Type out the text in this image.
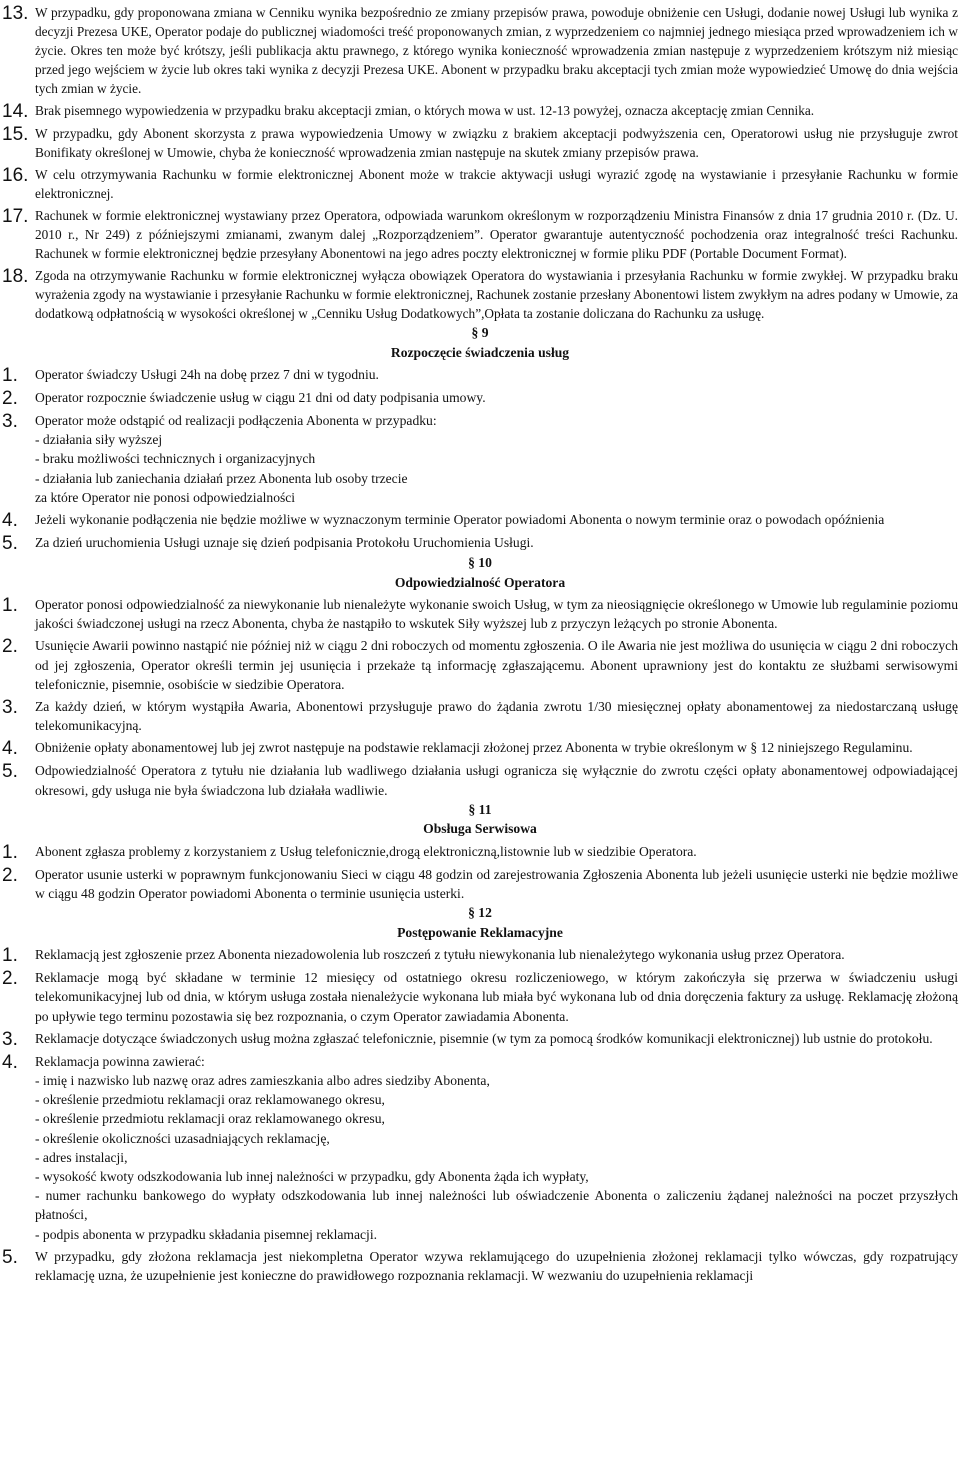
13. W przypadku, gdy proponowana zmiana w Cenniku wynika bezpośrednio ze zmiany przepisów prawa, powoduje obniżenie cen Usługi, dodanie nowej Usługi lub wynika z decyzji Prezesa UKE, Operator podaje do publicznej wiadomości treść proponowanych zmian, z wyprzedzeniem co najmniej jednego miesiąca przed wprowadzeniem ich w życie. Okres ten może być krótszy, jeśli publikacja aktu prawnego, z którego wynika konieczność wprowadzenia zmian następuje z wyprzedzeniem krótszym niż miesiąc przed jego wejściem w życie lub okres taki wynika z decyzji Prezesa UKE. Abonent w przypadku braku akceptacji tych zmian może wypowiedzieć Umowę do dnia wejścia tych zmian w życie.
14. Brak pisemnego wypowiedzenia w przypadku braku akceptacji zmian, o których mowa w ust. 12-13 powyżej, oznacza akceptację zmian Cennika.
15. W przypadku, gdy Abonent skorzysta z prawa wypowiedzenia Umowy w związku z brakiem akceptacji podwyższenia cen, Operatorowi usług nie przysługuje zwrot Bonifikaty określonej w Umowie, chyba że konieczność wprowadzenia zmian następuje na skutek zmiany przepisów prawa.
16. W celu otrzymywania Rachunku w formie elektronicznej Abonent może w trakcie aktywacji usługi wyrazić zgodę na wystawianie i przesyłanie Rachunku w formie elektronicznej.
17. Rachunek w formie elektronicznej wystawiany przez Operatora, odpowiada warunkom określonym w rozporządzeniu Ministra Finansów z dnia 17 grudnia 2010 r. (Dz. U. 2010 r., Nr 249) z późniejszymi zmianami, zwanym dalej „Rozporządzeniem”. Operator gwarantuje autentyczność pochodzenia oraz integralność treści Rachunku. Rachunek w formie elektronicznej będzie przesyłany Abonentowi na jego adres poczty elektronicznej w formie pliku PDF (Portable Document Format).
18. Zgoda na otrzymywanie Rachunku w formie elektronicznej wyłącza obowiązek Operatora do wystawiania i przesyłania Rachunku w formie zwykłej. W przypadku braku wyrażenia zgody na wystawianie i przesyłanie Rachunku w formie elektronicznej, Rachunek zostanie przesłany Abonentowi listem zwykłym na adres podany w Umowie, za dodatkową odpłatnością w wysokości określonej w „Cenniku Usług Dodatkowych”,Opłata ta zostanie doliczana do Rachunku za usługę.
§ 9
Rozpoczęcie świadczenia usług
1.	Operator świadczy Usługi 24h na dobę przez 7 dni w tygodniu.
2.	Operator rozpocznie świadczenie usług w ciągu 21 dni od daty podpisania umowy.
3.	Operator może odstąpić od realizacji podłączenia Abonenta w przypadku:
- działania siły wyższej
- braku możliwości technicznych i organizacyjnych
- działania lub zaniechania działań przez Abonenta lub osoby trzecie
za które Operator nie ponosi odpowiedzialności
4.	Jeżeli wykonanie podłączenia nie będzie możliwe w wyznaczonym terminie Operator powiadomi Abonenta o nowym terminie oraz o powodach opóźnienia
5.	Za dzień uruchomienia Usługi uznaje się dzień podpisania Protokołu Uruchomienia Usługi.
§ 10
Odpowiedzialność Operatora
1.	Operator ponosi odpowiedzialność za niewykonanie lub nienależyte wykonanie swoich Usług, w tym za nieosiągnięcie określonego w Umowie lub regulaminie poziomu jakości świadczonej usługi na rzecz Abonenta, chyba że nastąpiło to wskutek Siły wyższej lub z przyczyn leżących po stronie Abonenta.
2.	Usunięcie Awarii powinno nastąpić nie później niż w ciągu 2 dni roboczych od momentu zgłoszenia. O ile Awaria nie jest możliwa do usunięcia w ciągu 2 dni roboczych od jej zgłoszenia, Operator określi termin jej usunięcia i przekaże tą informację zgłaszającemu. Abonent uprawniony jest do kontaktu ze służbami serwisowymi telefonicznie, pisemnie, osobiście w siedzibie Operatora.
3.	Za każdy dzień, w którym wystąpiła Awaria, Abonentowi przysługuje prawo do żądania zwrotu 1/30 miesięcznej opłaty abonamentowej za niedostarczaną usługę telekomunikacyjną.
4.	Obniżenie opłaty abonamentowej lub jej zwrot następuje na podstawie reklamacji złożonej przez Abonenta w trybie określonym w § 12 niniejszego Regulaminu.
5.	Odpowiedzialność Operatora z tytułu nie działania lub wadliwego działania usługi ogranicza się wyłącznie do zwrotu części opłaty abonamentowej odpowiadającej okresowi, gdy usługa nie była świadczona lub działała wadliwie.
§ 11
Obsługa Serwisowa
1.	Abonent zgłasza problemy z korzystaniem z Usług telefonicznie,drogą elektroniczną,listownie lub w siedzibie Operatora.
2.	Operator usunie usterki w poprawnym funkcjonowaniu Sieci w ciągu 48 godzin od zarejestrowania Zgłoszenia Abonenta lub jeżeli usunięcie usterki nie będzie możliwe w ciągu 48 godzin Operator powiadomi Abonenta o terminie usunięcia usterki.
§ 12
Postępowanie Reklamacyjne
1.	Reklamacją jest zgłoszenie przez Abonenta niezadowolenia lub roszczeń z tytułu niewykonania lub nienależytego wykonania usług przez Operatora.
2.	Reklamacje mogą być składane w terminie 12 miesięcy od ostatniego okresu rozliczeniowego, w którym zakończyła się przerwa w świadczeniu usługi telekomunikacyjnej lub od dnia, w którym usługa została nienależycie wykonana lub miała być wykonana lub od dnia doręczenia faktury za usługę. Reklamację złożoną po upływie tego terminu pozostawia się bez rozpoznania, o czym Operator zawiadamia Abonenta.
3.	Reklamacje dotyczące świadczonych usług można zgłaszać telefonicznie, pisemnie (w tym za pomocą środków komunikacji elektronicznej) lub ustnie do protokołu.
4.	Reklamacja powinna zawierać:
- imię i nazwisko lub nazwę oraz adres zamieszkania albo adres siedziby Abonenta,
- określenie przedmiotu reklamacji oraz reklamowanego okresu,
- określenie przedmiotu reklamacji oraz reklamowanego okresu,
- określenie okoliczności uzasadniających reklamację,
- adres instalacji,
- wysokość kwoty odszkodowania lub innej należności w przypadku, gdy Abonenta żąda ich wypłaty,
- numer rachunku bankowego do wypłaty odszkodowania lub innej należności lub oświadczenie Abonenta o zaliczeniu żądanej należności na poczet przyszłych płatności,
- podpis abonenta w przypadku składania pisemnej reklamacji.
5.	W przypadku, gdy złożona reklamacja jest niekompletna Operator wzywa reklamującego do uzupełnienia złożonej reklamacji tylko wówczas, gdy rozpatrujący reklamację uzna, że uzupełnienie jest konieczne do prawidłowego rozpoznania reklamacji. W wezwaniu do uzupełnienia reklamacji
